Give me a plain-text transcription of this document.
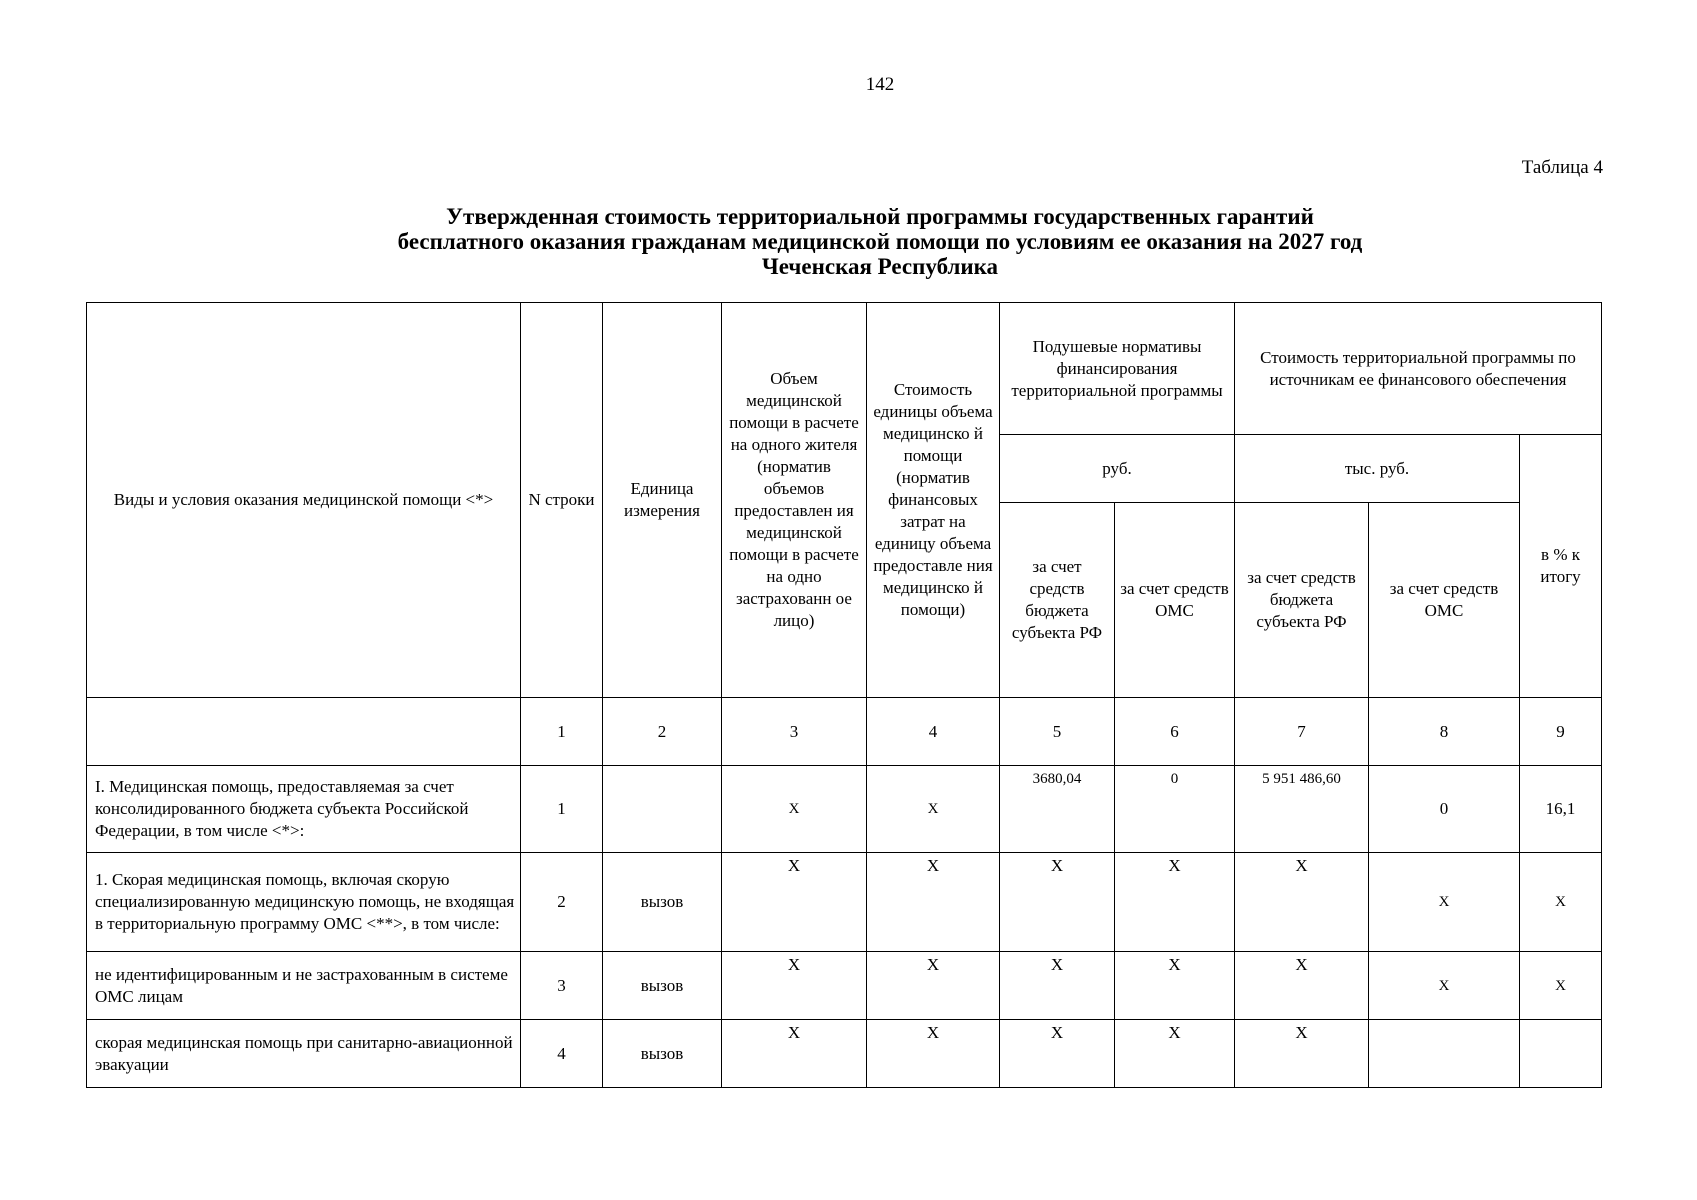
142
Таблица 4
Утвержденная стоимость территориальной программы государственных гарантий
бесплатного оказания гражданам медицинской помощи по условиям ее оказания на 2027 год
Чеченская Республика
Виды и условия оказания медицинской помощи <*>	N строки	Единица измерения	Объем медицинской помощи в расчете на одного жителя (норматив объемов предоставлен ия медицинской помощи в расчете на одно застрахованн ое лицо)	Стоимость единицы объема медицинско й помощи (норматив финансовых затрат на единицу объема предоставле ния медицинско й помощи)	Подушевые нормативы финансирования территориальной программы		Стоимость территориальной программы по источникам ее финансового обеспечения		
					руб.		тыс. руб.		в % к итогу
					за счет средств бюджета субъекта РФ	за счет средств ОМС	за счет средств бюджета субъекта РФ	за счет средств ОМС	
	1	2	3	4	5	6	7	8	9
I. Медицинская помощь, предоставляемая за счет консолидированного бюджета субъекта Российской Федерации, в том числе <*>:	1		X	X	3680,04	0	5 951 486,60	0	16,1
1. Скорая медицинская помощь, включая скорую специализированную медицинскую помощь, не входящая в территориальную программу ОМС <**>, в том числе:	2	вызов	X	X	X	X	X	X	X
не идентифицированным и не застрахованным в системе ОМС лицам	3	вызов	X	X	X	X	X	X	X
скорая медицинская помощь при санитарно-авиационной эвакуации	4	вызов	X	X	X	X	X		
